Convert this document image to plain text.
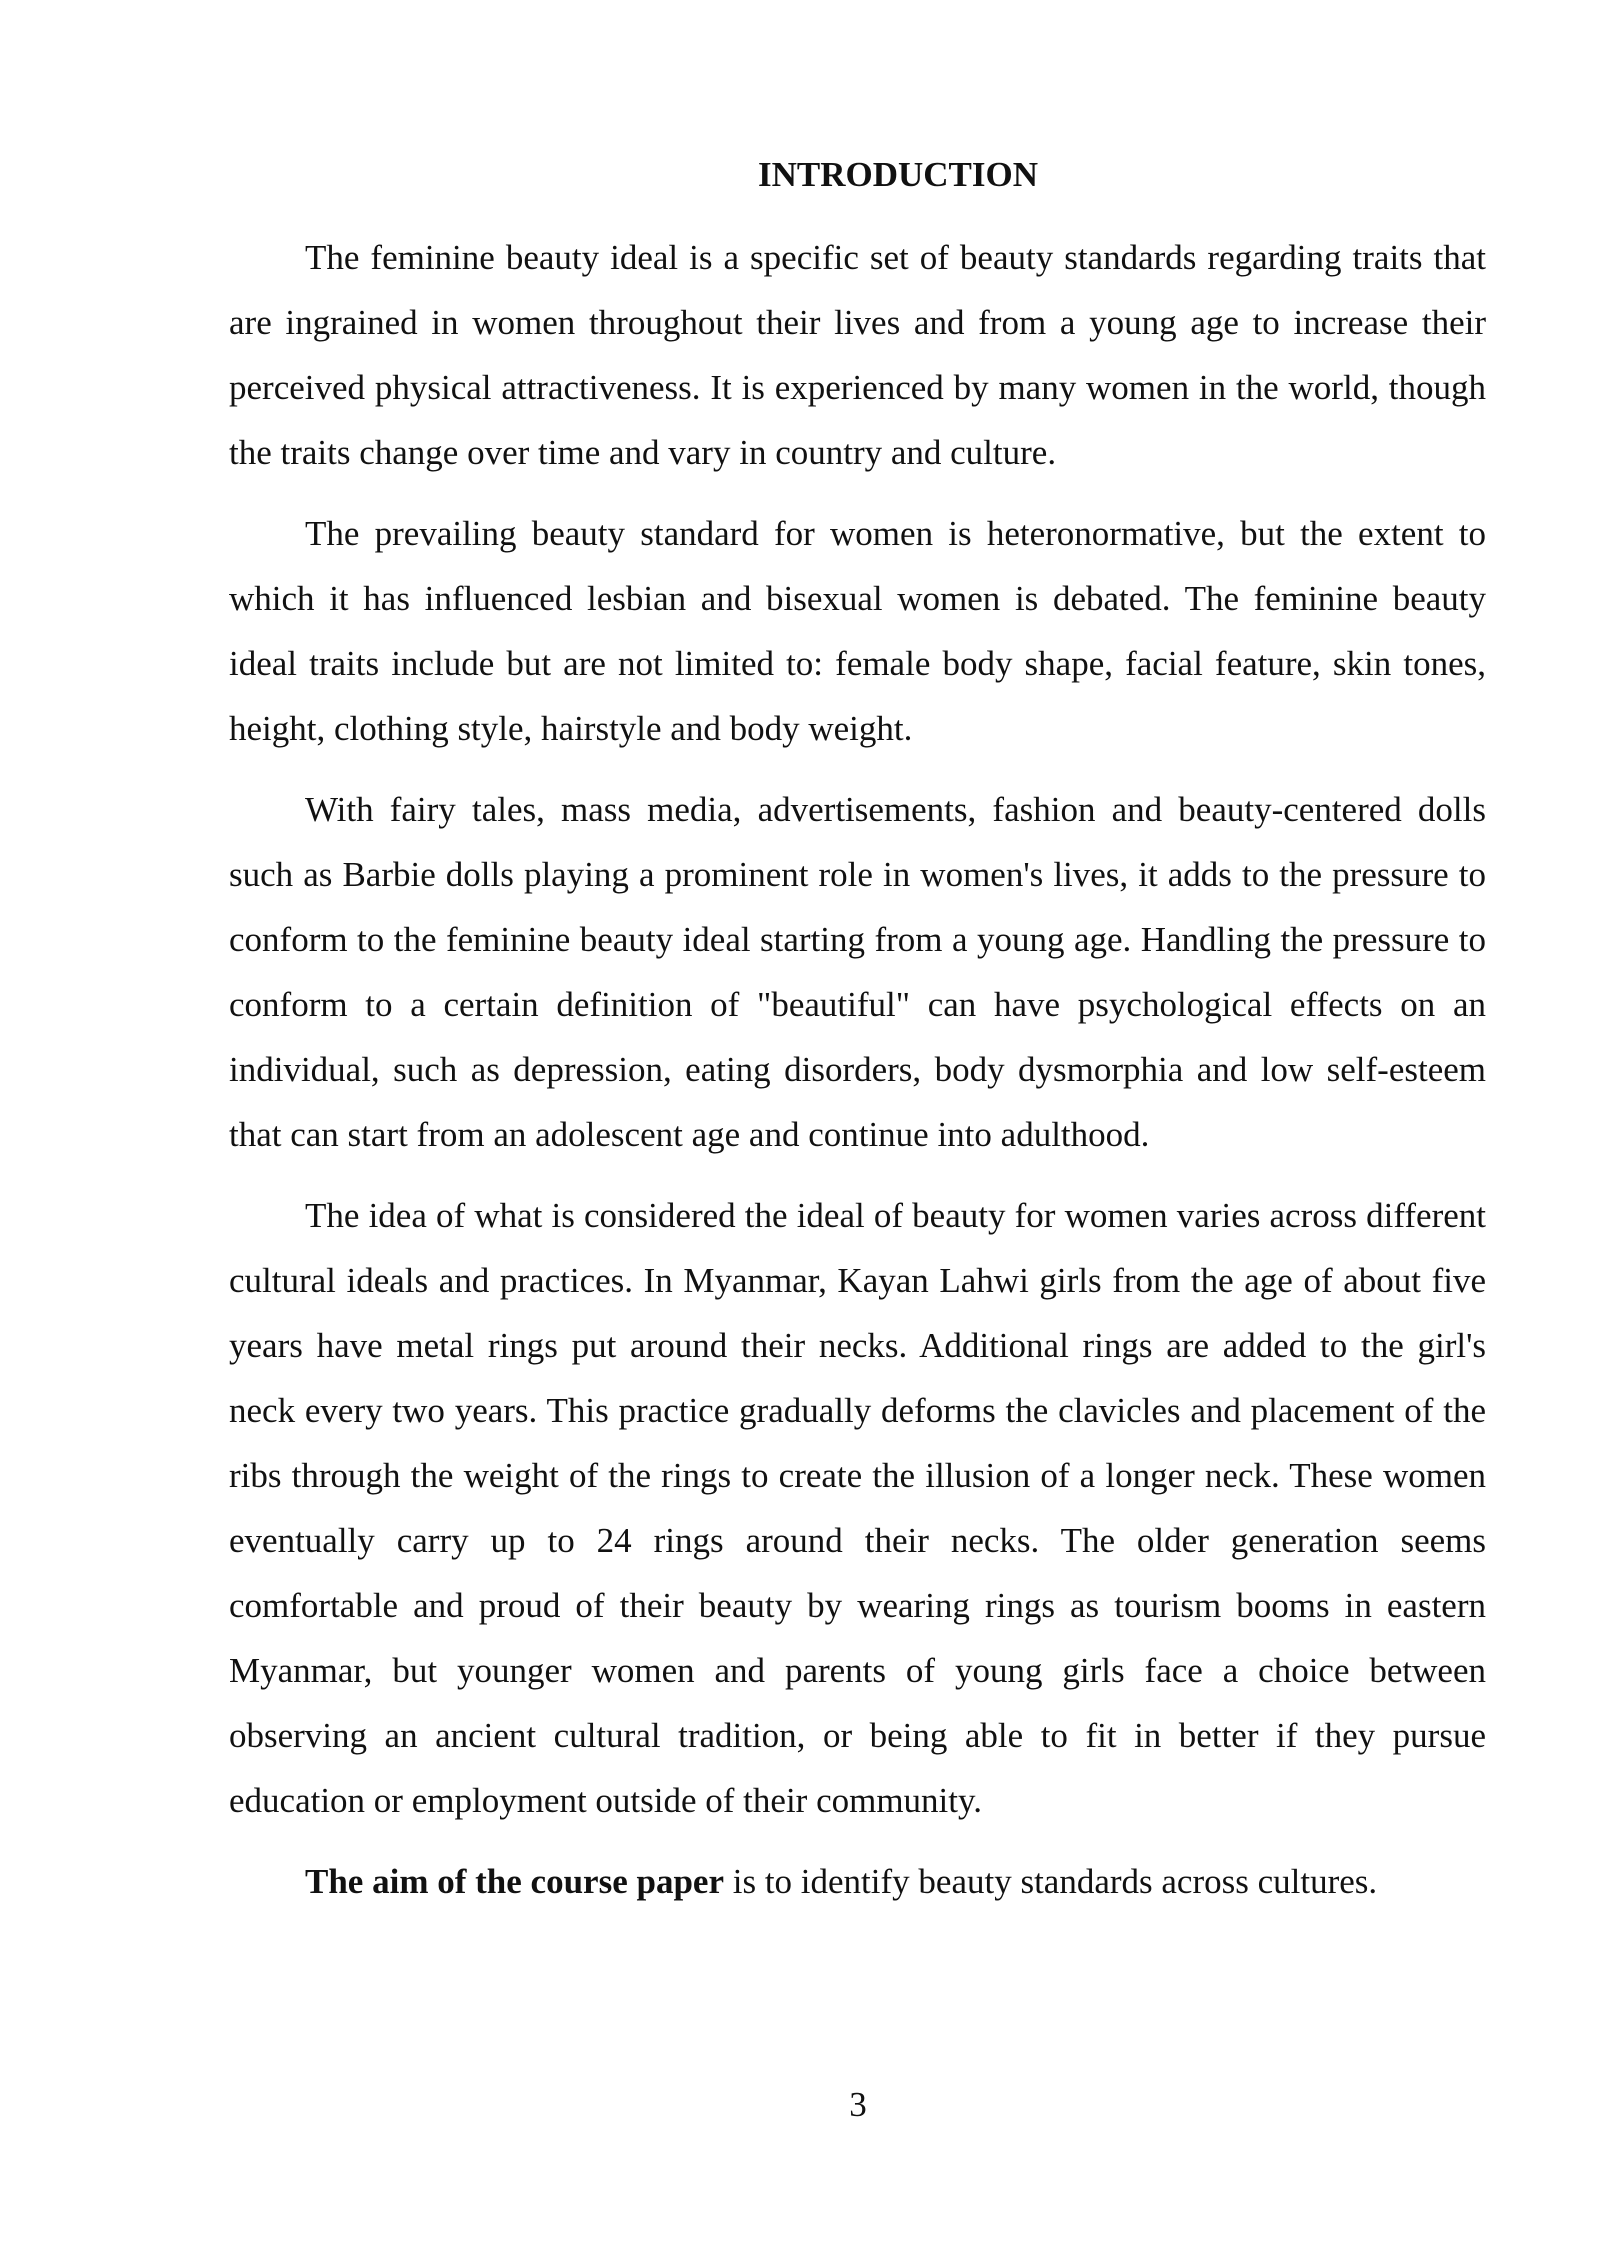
INTRODUCTION

The feminine beauty ideal is a specific set of beauty standards regarding traits that are ingrained in women throughout their lives and from a young age to increase their perceived physical attractiveness. It is experienced by many women in the world, though the traits change over time and vary in country and culture.

The prevailing beauty standard for women is heteronormative, but the extent to which it has influenced lesbian and bisexual women is debated. The feminine beauty ideal traits include but are not limited to: female body shape, facial feature, skin tones, height, clothing style, hairstyle and body weight.

With fairy tales, mass media, advertisements, fashion and beauty-centered dolls such as Barbie dolls playing a prominent role in women's lives, it adds to the pressure to conform to the feminine beauty ideal starting from a young age. Handling the pressure to conform to a certain definition of "beautiful" can have psychological effects on an individual, such as depression, eating disorders, body dysmorphia and low self-esteem that can start from an adolescent age and continue into adulthood.

The idea of what is considered the ideal of beauty for women varies across different cultural ideals and practices. In Myanmar, Kayan Lahwi girls from the age of about five years have metal rings put around their necks. Additional rings are added to the girl's neck every two years. This practice gradually deforms the clavicles and placement of the ribs through the weight of the rings to create the illusion of a longer neck. These women eventually carry up to 24 rings around their necks. The older generation seems comfortable and proud of their beauty by wearing rings as tourism booms in eastern Myanmar, but younger women and parents of young girls face a choice between observing an ancient cultural tradition, or being able to fit in better if they pursue education or employment outside of their community.

The aim of the course paper is to identify beauty standards across cultures.

3
